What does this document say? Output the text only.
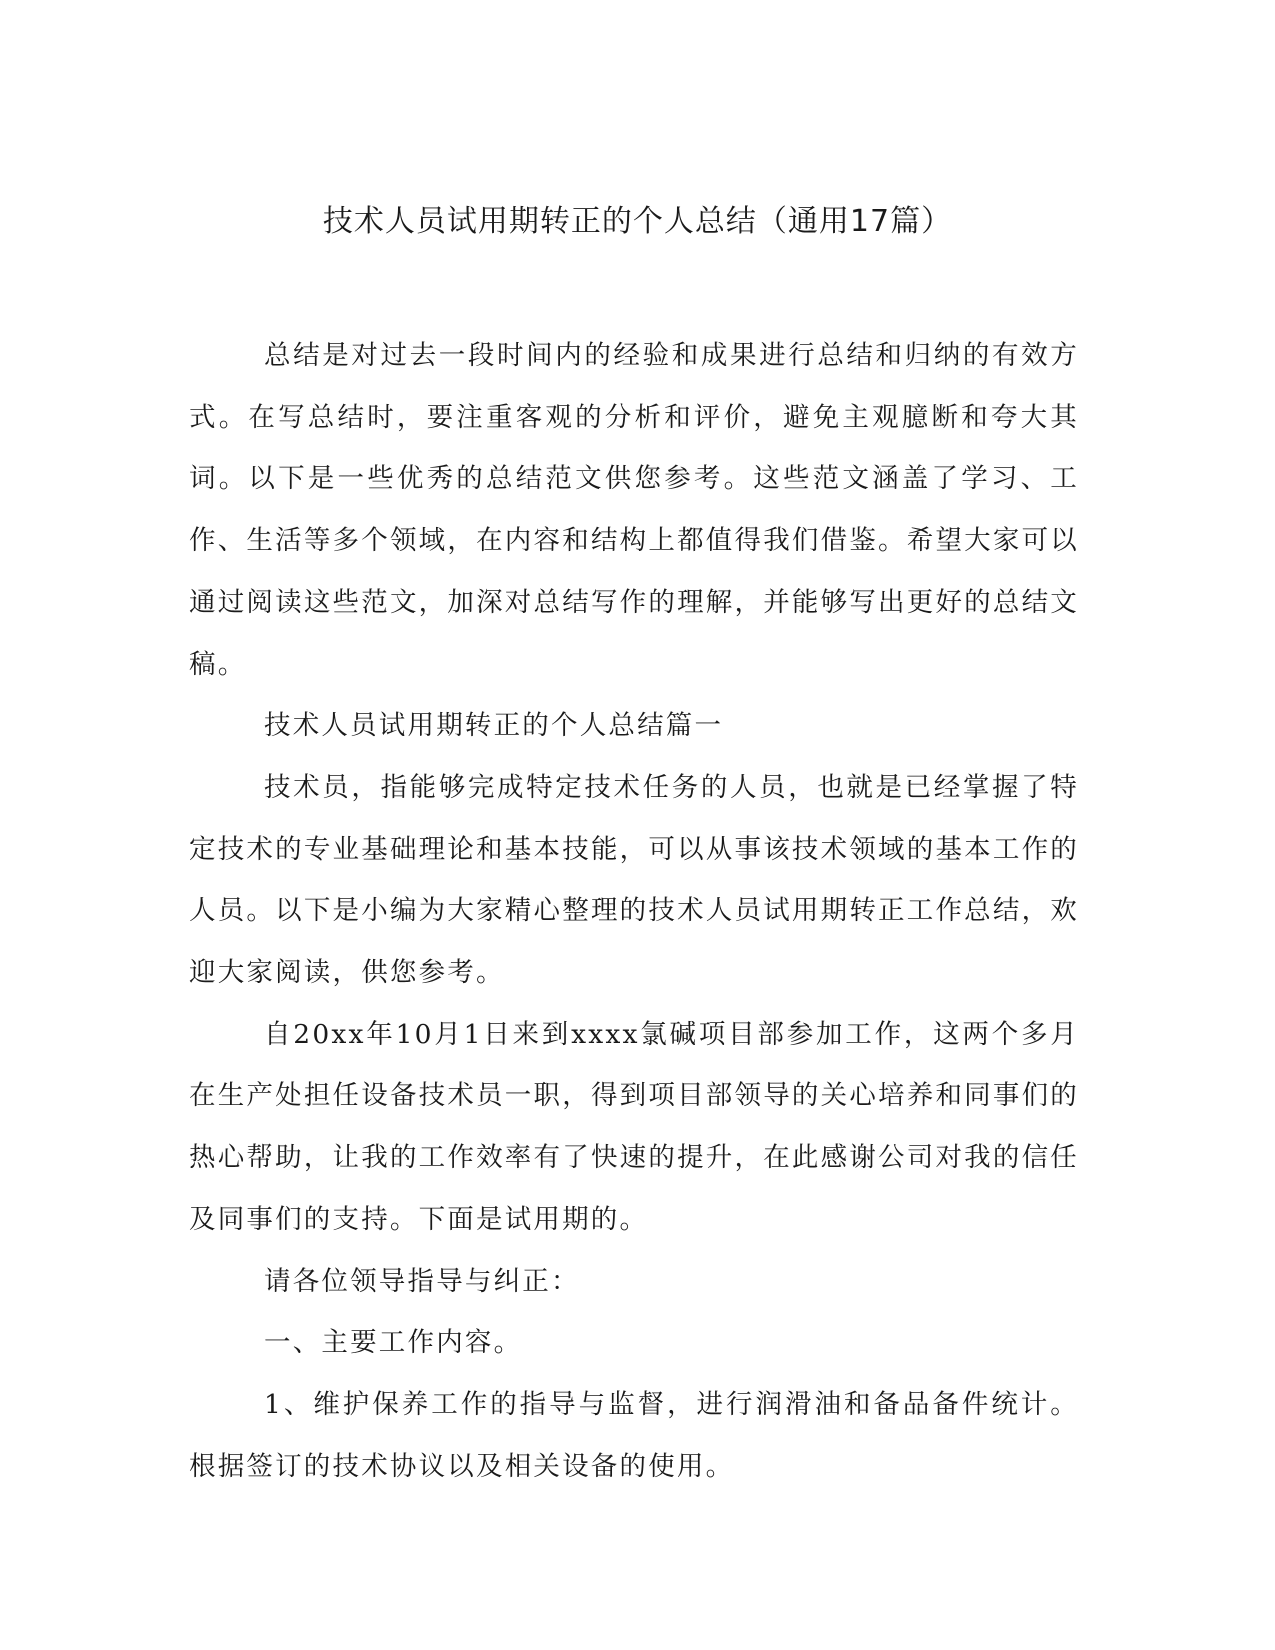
技术人员试用期转正的个人总结（通用17篇）

总结是对过去一段时间内的经验和成果进行总结和归纳的有效方式。在写总结时，要注重客观的分析和评价，避免主观臆断和夸大其词。以下是一些优秀的总结范文供您参考。这些范文涵盖了学习、工作、生活等多个领域，在内容和结构上都值得我们借鉴。希望大家可以通过阅读这些范文，加深对总结写作的理解，并能够写出更好的总结文稿。

技术人员试用期转正的个人总结篇一

技术员，指能够完成特定技术任务的人员，也就是已经掌握了特定技术的专业基础理论和基本技能，可以从事该技术领域的基本工作的人员。以下是小编为大家精心整理的技术人员试用期转正工作总结，欢迎大家阅读，供您参考。

自20xx年10月1日来到xxxx氯碱项目部参加工作，这两个多月在生产处担任设备技术员一职，得到项目部领导的关心培养和同事们的热心帮助，让我的工作效率有了快速的提升，在此感谢公司对我的信任及同事们的支持。下面是试用期的。

请各位领导指导与纠正：

一、主要工作内容。

1、维护保养工作的指导与监督，进行润滑油和备品备件统计。根据签订的技术协议以及相关设备的使用。
